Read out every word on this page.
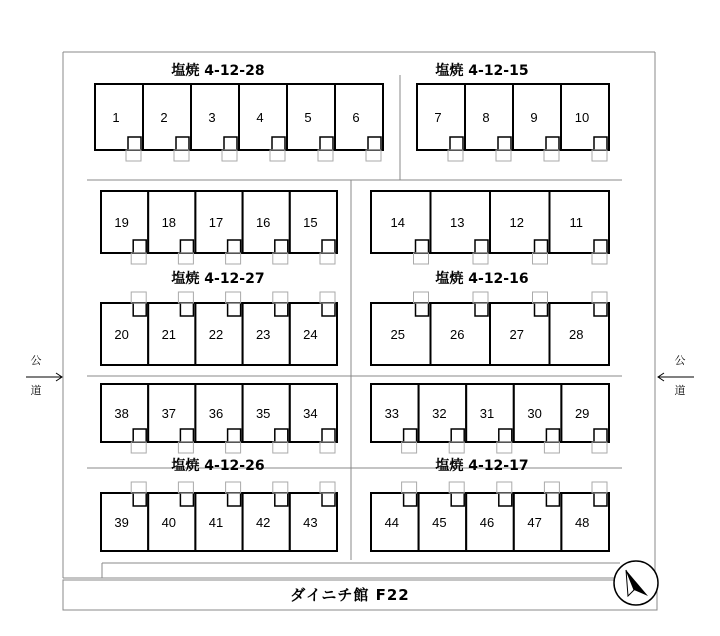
ダイニチ館 F22
塩焼 4-12-28	塩焼 4-12-15
塩焼 4-12-27	塩焼 4-12-16
塩焼 4-12-26	塩焼 4-12-17
公
道
公
道
1	2	3	4	5	6	7	8	9	10
19	18	17	16	15	14	13	12	11
20	21	22	23	24	25	26	27	28
38	37	36	35	34	33	32	31	30	29
39	40	41	42	43	44	45	46	47	48
